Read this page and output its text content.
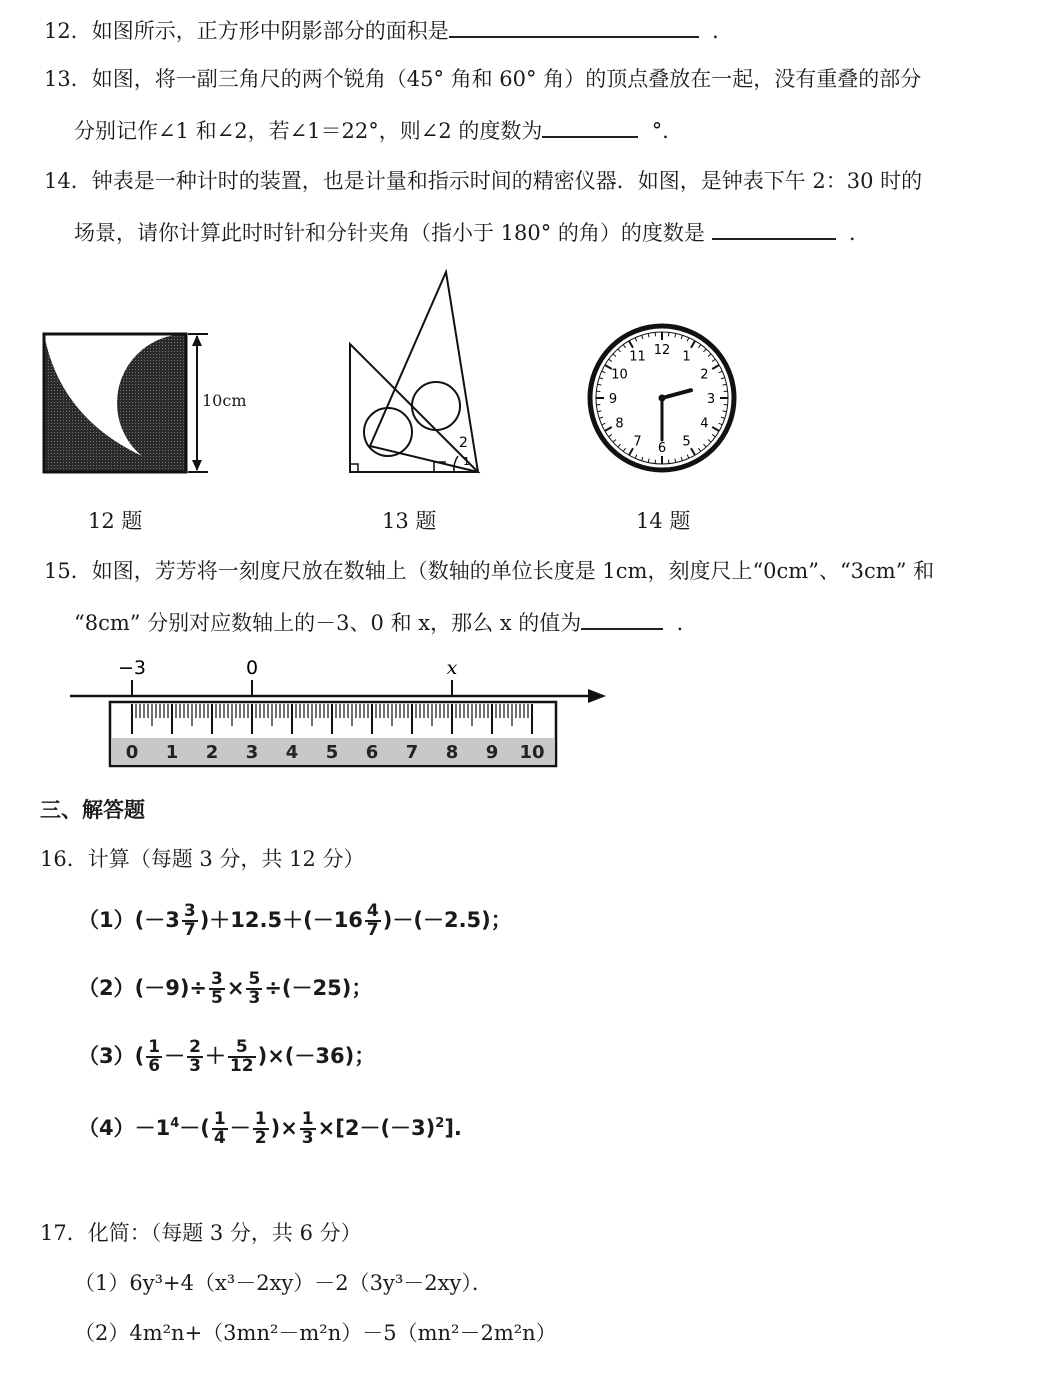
12．如图所示，正方形中阴影部分的面积是	．
13．如图，将一副三角尺的两个锐角（45° 角和 60° 角）的顶点叠放在一起，没有重叠的部分
分别记作∠1 和∠2，若∠1＝22°，则∠2 的度数为	°．
14．钟表是一种计时的装置，也是计量和指示时间的精密仪器．如图，是钟表下午 2：30 时的
场景，请你计算此时时针和分针夹角（指小于 180° 的角）的度数是	．
10cm
12 题
2
1
13 题
12 1
2
3
4
5
6
7
8
9
10
11
14 题
15．如图，芳芳将一刻度尺放在数轴上（数轴的单位长度是 1cm，刻度尺上“0cm”、“3cm” 和
“8cm” 分别对应数轴上的－3、0 和 x，那么 x 的值为	．
−3	0	x
0 1 2 3 4 5 6 7 8 9 10
三、解答题
16．计算（每题 3 分，共 12 分）
$(1)(-3 \frac{3}{7} )+12.5+(-16 \frac{4}{7} )-(-2.5)$；
$(2)(-9)\div \frac{3}{5} \times \frac{5}{3} \div(-25)$；
$(3)( \frac{1}{6} - \frac{2}{3} + \frac{5}{12} )\times(-36)$；
$(4)-1^4-( \frac{1}{4} - \frac{1}{2}$ )× $\frac{1}{3} \times[2-(-3)^2]$.
17．化简：（每题 3 分，共 6 分）
（1）6y³+4（x³－2xy）－2（3y³－2xy）．
（2）4m²n+（3mn²－m²n）－5（mn²－2m²n）
